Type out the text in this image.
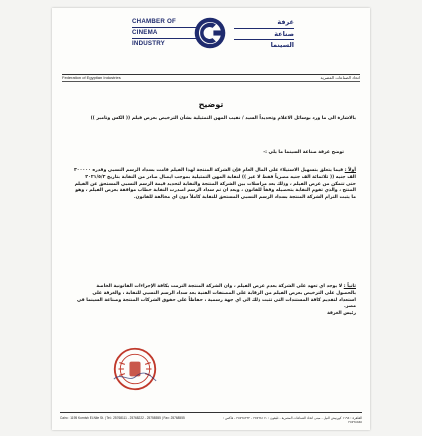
CHAMBER OF
CINEMA
INDUSTRY
غرفة
صناعة
السينما
Federation of Egyptian Industries	اتحاد الصناعات المصرية
توضيح
بالاشارة الى ما ورد بوسائل الاعلام وتحديداً السيد / نقيب المهن التمثيلية بشأن الترخيص بعرض فيلم (( الكس وتامبر ))
توضح غرفة صناعة السينما ما يلي :-
أولاً : فيما يتعلق بتسهيل الاستيلاء على المال العام فإن الشركة المنتجة لهذا الفيلم قامت بسداد الرسم النسبي وقدره ٣٠٠٠٠٠ الف جنيه (( ثلاثمائة الف جنيه مصرياً فقط لا غير )) لنقابة المهن التمثيلية بموجب ايصال صادر من النقابة بتاريخ ٢٠٢١/٥/٢ حتى تتمكن من عرض الفيلم ، وذلك بعد مراسلات بين الشركة المنتجة والنقابة لتحديد قيمة الرسم النسبي المستحق عن الفيلم المنتج ، والذي تقوم النقابة بتحصيله وفقاً للقانون ، وبعد ان تم سداد الرسم اصدرت النقابة خطاب موافقة بعرض الفيلم ، وهو ما يثبت التزام الشركة المنتجة بسداد الرسم النسبي المستحق للنقابة كاملاً دون اي مخالفة للقانون.
ثانياً : لا يوجد اي تعهد على الشركة بعدم عرض الفيلم ، وان الشركة المنتجة التزمت بكافة الإجراءات القانونية الخاصة بالحصول على الترخيص بعرض الفيلم من الرقابة على المصنفات الفنية بعد سداد الرسم النسبي للنقابة ، والغرفة على استعداد لتقديم كافة المستندات التي تثبت ذلك الى اي جهة رسمية ، حفاظاً على حقوق الشركات المنتجة وصناعة السينما في مصر.
رئيس الغرفة
Cairo : 1195 Kornish El-Nile St. | Tel.: 25768111 - 25768222 - 25758555 | Fax: 25768555	القاهرة : ١١٩٥ كورنيش النيل - مبنى اتحاد الصناعات المصرية - تليفون : ٢٥٧٦٨١١١ - ٢٥٧٦٨٢٢٢ - فاكس : ٢٥٧٦٨٥٥٥
